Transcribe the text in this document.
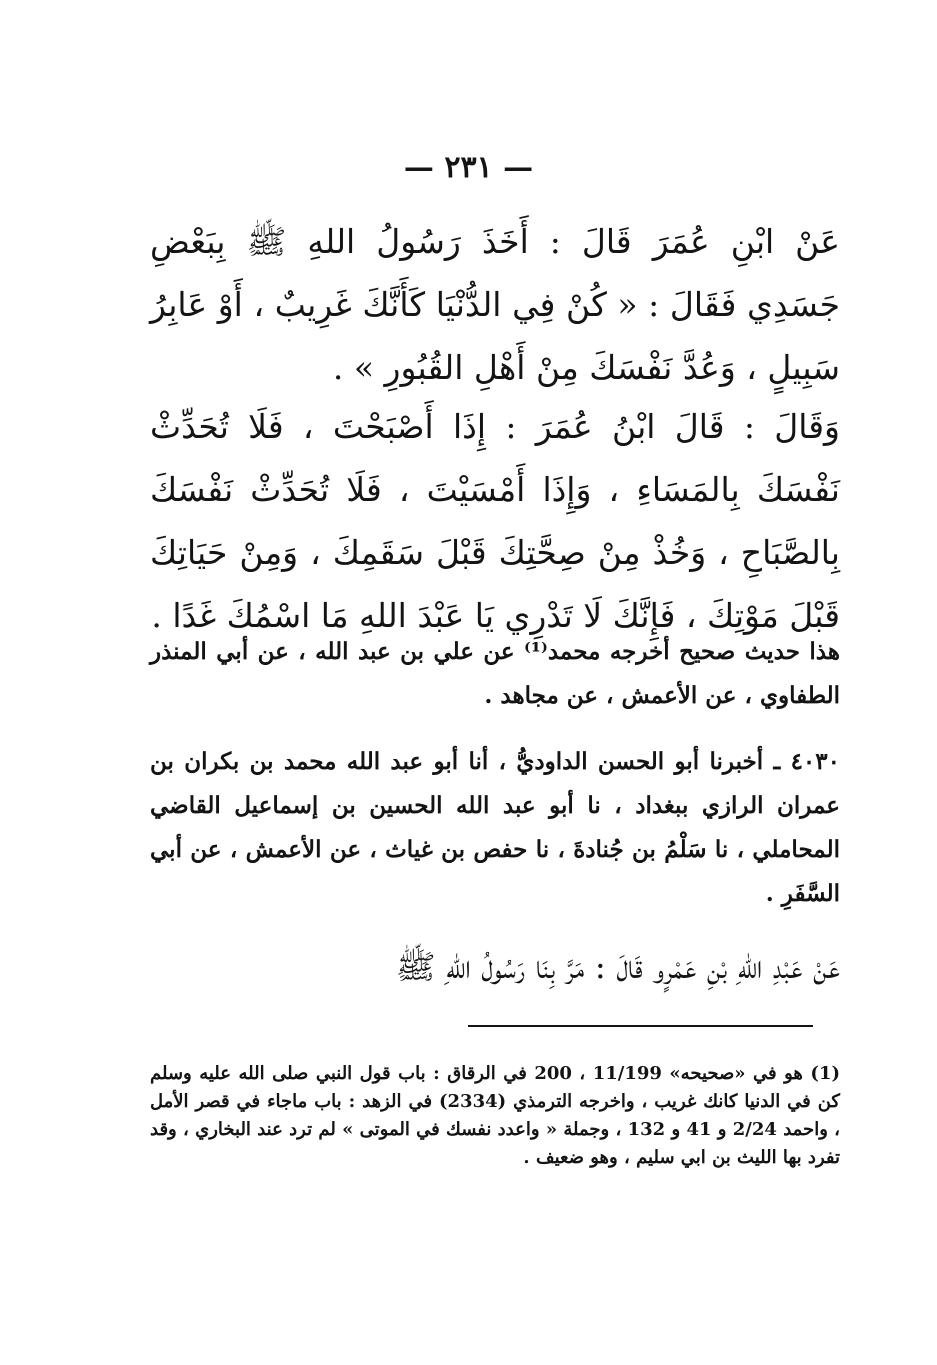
— ٢٣١ —
عَنْ ابْنِ عُمَرَ قَالَ : أَخَذَ رَسُولُ اللهِ ﷺ بِبَعْضِ جَسَدِي فَقَالَ : « كُنْ فِي الدُّنْيَا كَأَنَّكَ غَرِيبٌ ، أَوْ عَابِرُ سَبِيلٍ ، وَعُدَّ نَفْسَكَ مِنْ أَهْلِ القُبُورِ » .
وَقَالَ : قَالَ ابْنُ عُمَرَ : إِذَا أَصْبَحْتَ ، فَلَا تُحَدِّثْ نَفْسَكَ بِالمَسَاءِ ، وَإِذَا أَمْسَيْتَ ، فَلَا تُحَدِّثْ نَفْسَكَ بِالصَّبَاحِ ، وَخُذْ مِنْ صِحَّتِكَ قَبْلَ سَقَمِكَ ، وَمِنْ حَيَاتِكَ قَبْلَ مَوْتِكَ ، فَإِنَّكَ لَا تَدْرِي يَا عَبْدَ اللهِ مَا اسْمُكَ غَدًا .
هذا حديث صحيح أخرجه محمد⁽¹⁾ عن علي بن عبد الله ، عن أبي المنذر الطفاوي ، عن الأعمش ، عن مجاهد .
٤٠٣٠ ـ أخبرنا أبو الحسن الداوديُّ ، أنا أبو عبد الله محمد بن بكران بن عمران الرازي ببغداد ، نا أبو عبد الله الحسين بن إسماعيل القاضي المحاملي ، نا سَلْمُ بن جُنادةَ ، نا حفص بن غياث ، عن الأعمش ، عن أبي السَّفَرِ .
عَنْ عَبْدِ اللهِ بْنِ عَمْرٍو قَالَ : مَرَّ بِنَا رَسُولُ اللهِ ﷺ
(1) هو في «صحيحه» 11/199 ، 200 في الرقاق : باب قول النبي صلى الله عليه وسلم كن في الدنيا كانك غريب ، واخرجه الترمذي (2334) في الزهد : باب ماجاء في قصر الأمل ، واحمد 2/24 و 41 و 132 ، وجملة « واعدد نفسك في الموتى » لم ترد عند البخاري ، وقد تفرد بها الليث بن ابي سليم ، وهو ضعيف .
